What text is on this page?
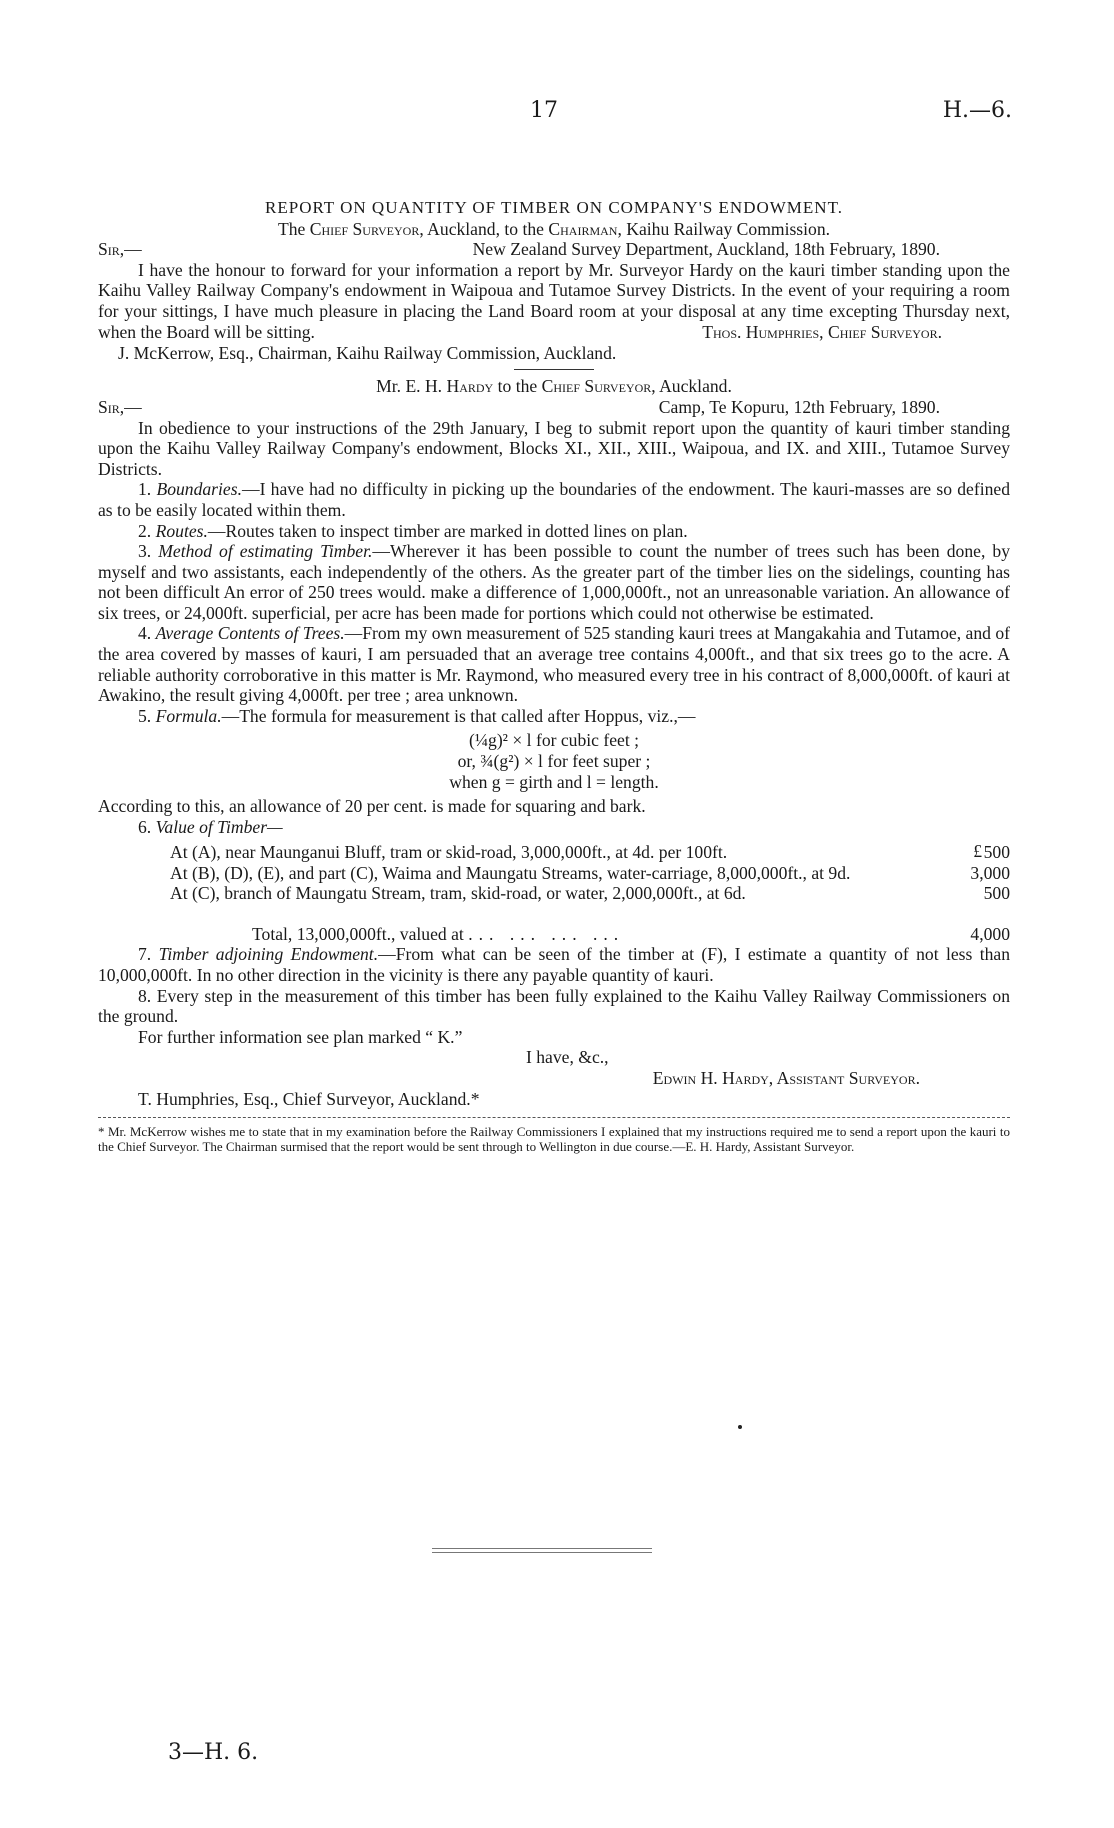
17	H.—6.
REPORT ON QUANTITY OF TIMBER ON COMPANY'S ENDOWMENT.
The Chief Surveyor, Auckland, to the Chairman, Kaihu Railway Commission.
Sir,—	New Zealand Survey Department, Auckland, 18th February, 1890.
I have the honour to forward for your information a report by Mr. Surveyor Hardy on the kauri timber standing upon the Kaihu Valley Railway Company's endowment in Waipoua and Tutamoe Survey Districts. In the event of your requiring a room for your sittings, I have much pleasure in placing the Land Board room at your disposal at any time excepting Thursday next, when the Board will be sitting.	Thos. Humphries, Chief Surveyor.
J. McKerrow, Esq., Chairman, Kaihu Railway Commission, Auckland.
Mr. E. H. Hardy to the Chief Surveyor, Auckland.
Sir,—	Camp, Te Kopuru, 12th February, 1890.
In obedience to your instructions of the 29th January, I beg to submit report upon the quantity of kauri timber standing upon the Kaihu Valley Railway Company's endowment, Blocks XI., XII., XIII., Waipoua, and IX. and XIII., Tutamoe Survey Districts.
1. Boundaries.—I have had no difficulty in picking up the boundaries of the endowment. The kauri-masses are so defined as to be easily located within them.
2. Routes.—Routes taken to inspect timber are marked in dotted lines on plan.
3. Method of estimating Timber.—Wherever it has been possible to count the number of trees such has been done, by myself and two assistants, each independently of the others. As the greater part of the timber lies on the sidelings, counting has not been difficult An error of 250 trees would. make a difference of 1,000,000ft., not an unreasonable variation. An allowance of six trees, or 24,000ft. superficial, per acre has been made for portions which could not otherwise be estimated.
4. Average Contents of Trees.—From my own measurement of 525 standing kauri trees at Mangakahia and Tutamoe, and of the area covered by masses of kauri, I am persuaded that an average tree contains 4,000ft., and that six trees go to the acre. A reliable authority corroborative in this matter is Mr. Raymond, who measured every tree in his contract of 8,000,000ft. of kauri at Awakino, the result giving 4,000ft. per tree ; area unknown.
5. Formula.—The formula for measurement is that called after Hoppus, viz.,—
(¼g)² × l for cubic feet ;
or, ¾(g²) × l for feet super ;
when g = girth and l = length.
According to this, an allowance of 20 per cent. is made for squaring and bark.
6. Value of Timber—
£
At (A), near Maunganui Bluff, tram or skid-road, 3,000,000ft., at 4d. per 100ft.	500
At (B), (D), (E), and part (C), Waima and Maungatu Streams, water-carriage, 8,000,000ft., at 9d.	3,000
At (C), branch of Maungatu Stream, tram, skid-road, or water, 2,000,000ft., at 6d.	500
Total, 13,000,000ft., valued at ... ... ... ...	4,000
7. Timber adjoining Endowment.—From what can be seen of the timber at (F), I estimate a quantity of not less than 10,000,000ft. In no other direction in the vicinity is there any payable quantity of kauri.
8. Every step in the measurement of this timber has been fully explained to the Kaihu Valley Railway Commissioners on the ground.
For further information see plan marked “ K.”
I have, &c.,
Edwin H. Hardy, Assistant Surveyor.
T. Humphries, Esq., Chief Surveyor, Auckland.*
* Mr. McKerrow wishes me to state that in my examination before the Railway Commissioners I explained that my instructions required me to send a report upon the kauri to the Chief Surveyor. The Chairman surmised that the report would be sent through to Wellington in due course.—E. H. Hardy, Assistant Surveyor.
3—H. 6.
